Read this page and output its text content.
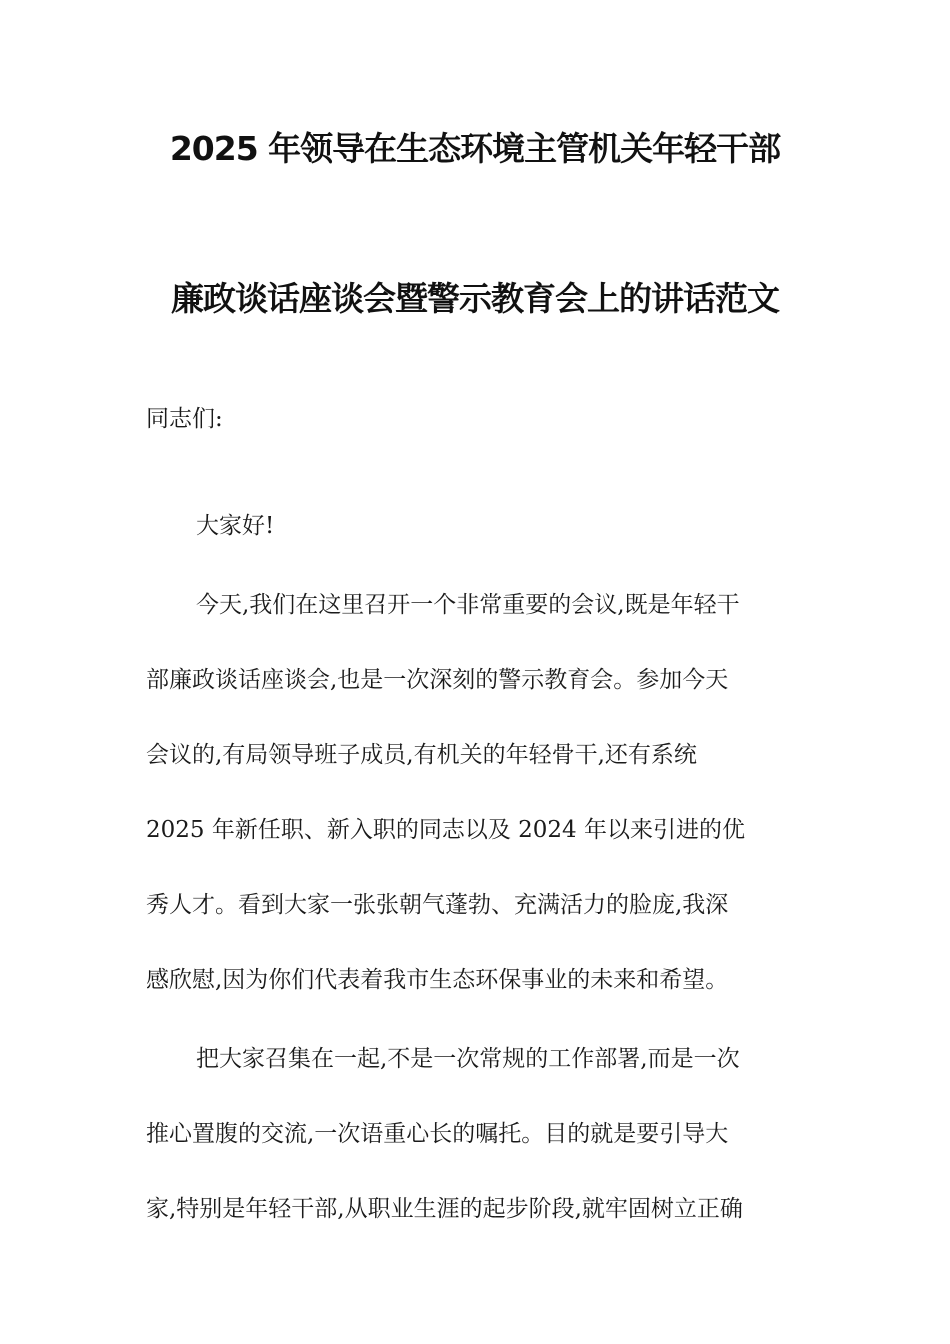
2025 年领导在生态环境主管机关年轻干部
廉政谈话座谈会暨警示教育会上的讲话范文
同志们:
大家好!
今天,我们在这里召开一个非常重要的会议,既是年轻干
部廉政谈话座谈会,也是一次深刻的警示教育会。参加今天
会议的,有局领导班子成员,有机关的年轻骨干,还有系统
2025 年新任职、新入职的同志以及 2024 年以来引进的优
秀人才。看到大家一张张朝气蓬勃、充满活力的脸庞,我深
感欣慰,因为你们代表着我市生态环保事业的未来和希望。
把大家召集在一起,不是一次常规的工作部署,而是一次
推心置腹的交流,一次语重心长的嘱托。目的就是要引导大
家,特别是年轻干部,从职业生涯的起步阶段,就牢固树立正确
